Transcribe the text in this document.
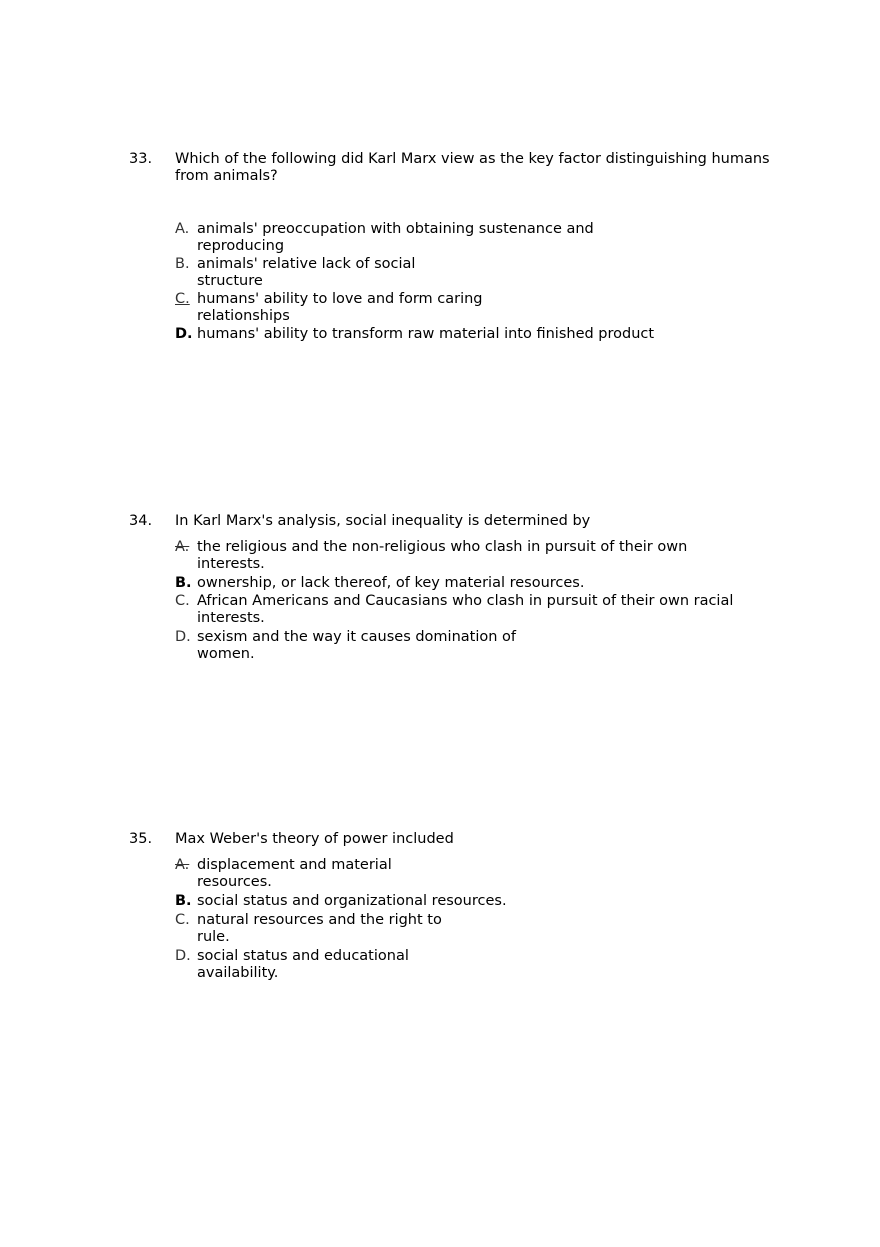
33.	Which of the following did Karl Marx view as the key factor distinguishing humans from animals?
A. animals' preoccupation with obtaining sustenance and reproducing
B. animals' relative lack of social structure
C. humans' ability to love and form caring relationships
D. humans' ability to transform raw material into finished product
34.	In Karl Marx's analysis, social inequality is determined by
A. the religious and the non-religious who clash in pursuit of their own interests.
B. ownership, or lack thereof, of key material resources.
C. African Americans and Caucasians who clash in pursuit of their own racial interests.
D. sexism and the way it causes domination of women.
35.	Max Weber's theory of power included
A. displacement and material resources.
B. social status and organizational resources.
C. natural resources and the right to rule.
D. social status and educational availability.
